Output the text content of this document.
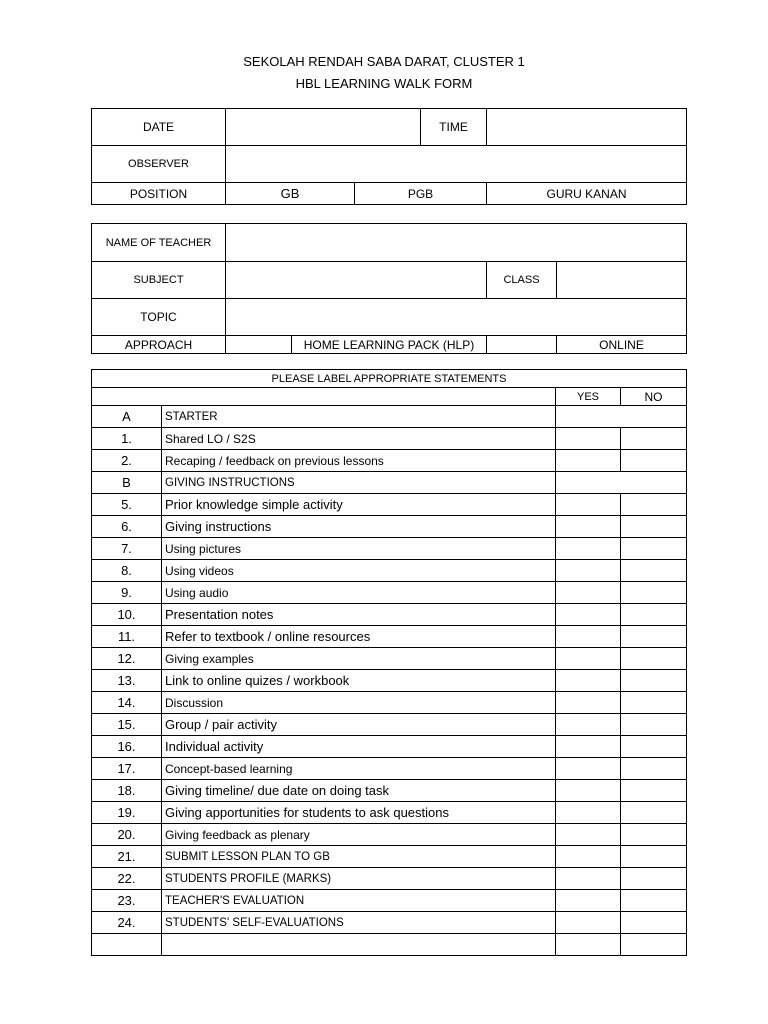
SEKOLAH RENDAH SABA DARAT, CLUSTER 1
HBL LEARNING WALK FORM
DATE			TIME	
OBSERVER				
POSITION	GB	PGB		GURU KANAN
NAME OF TEACHER				
SUBJECT			CLASS	
TOPIC				
APPROACH		HOME LEARNING PACK (HLP)		ONLINE
PLEASE LABEL APPROPRIATE STATEMENTS			
		YES	NO
A	STARTER		
1.	Shared LO / S2S		
2.	Recaping / feedback on previous lessons		
B	GIVING INSTRUCTIONS		
5.	Prior knowledge simple activity		
6.	Giving instructions		
7.	Using pictures		
8.	Using videos		
9.	Using audio		
10.	Presentation notes		
11.	Refer to textbook / online resources		
12.	Giving examples		
13.	Link to online quizes / workbook		
14.	Discussion		
15.	Group / pair activity		
16.	Individual activity		
17.	Concept-based learning		
18.	Giving timeline/ due date on doing task		
19.	Giving apportunities for students to ask questions		
20.	Giving feedback as plenary		
21.	SUBMIT LESSON PLAN TO GB		
22.	STUDENTS PROFILE (MARKS)		
23.	TEACHER'S EVALUATION		
24.	STUDENTS' SELF-EVALUATIONS		
